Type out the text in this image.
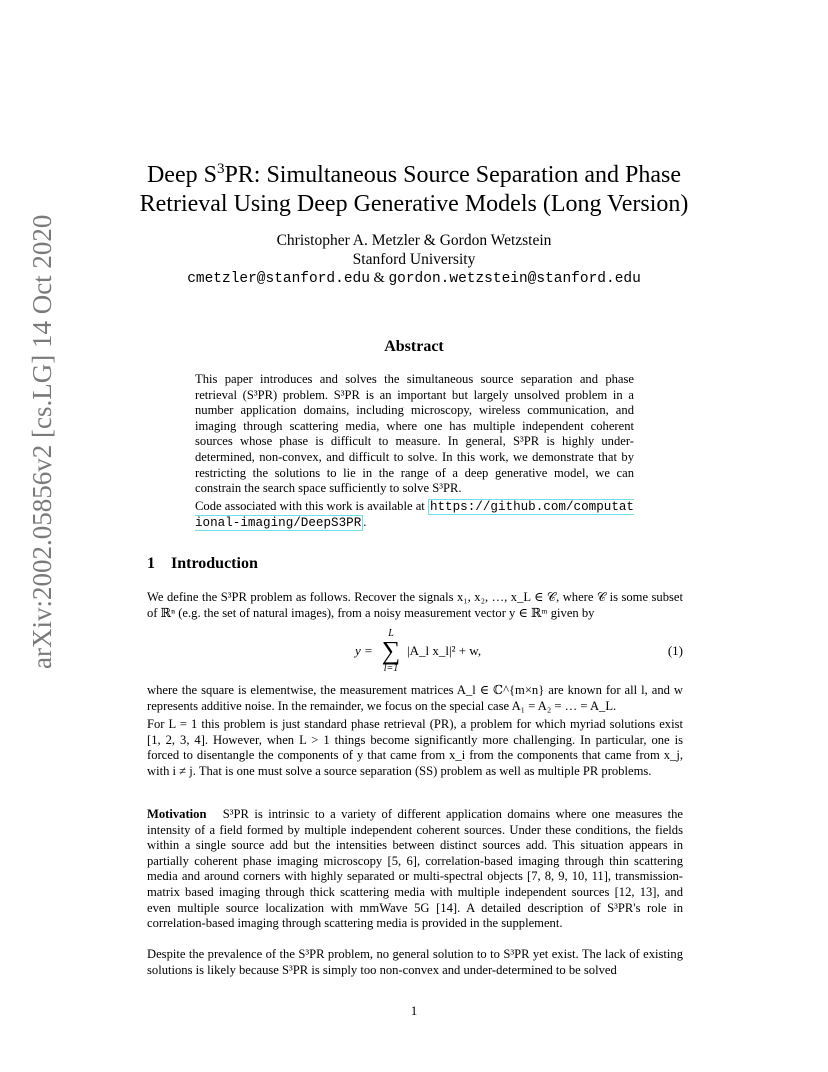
arXiv:2002.05856v2 [cs.LG] 14 Oct 2020
Deep $S^3PR$: Simultaneous Source Separation and Phase
Retrieval Using Deep Generative Models (Long Version)
Christopher A. Metzler & Gordon Wetzstein
Stanford University
cmetzler@stanford.edu & gordon.wetzstein@stanford.edu
Abstract

This paper introduces and solves the simultaneous source separation and phase retrieval (S³PR) problem. S³PR is an important but largely unsolved problem in a number application domains, including microscopy, wireless communication, and imaging through scattering media, where one has multiple independent coherent sources whose phase is difficult to measure. In general, S³PR is highly under-determined, non-convex, and difficult to solve. In this work, we demonstrate that by restricting the solutions to lie in the range of a deep generative model, we can constrain the search space sufficiently to solve S³PR.

Code associated with this work is available at https://github.com/computational-imaging/DeepS3PR .

1 Introduction

We define the S³PR problem as follows. Recover the signals x₁, x₂, …, x_L ∈ 𝒞, where 𝒞 is some subset of ℝⁿ (e.g. the set of natural images), from a noisy measurement vector y ∈ ℝᵐ given by

y =
L
∑
l=1
|A_l x_l|² + w,	(1)

where the square is elementwise, the measurement matrices A_l ∈ ℂ^{m×n} are known for all l, and w represents additive noise. In the remainder, we focus on the special case A₁ = A₂ = … = A_L.

For L = 1 this problem is just standard phase retrieval (PR), a problem for which myriad solutions exist [1, 2, 3, 4]. However, when L > 1 things become significantly more challenging. In particular, one is forced to disentangle the components of y that came from x_i from the components that came from x_j, with i ≠ j. That is one must solve a source separation (SS) problem as well as multiple PR problems.

Motivation S³PR is intrinsic to a variety of different application domains where one measures the intensity of a field formed by multiple independent coherent sources. Under these conditions, the fields within a single source add but the intensities between distinct sources add. This situation appears in partially coherent phase imaging microscopy [5, 6], correlation-based imaging through thin scattering media and around corners with highly separated or multi-spectral objects [7, 8, 9, 10, 11], transmission-matrix based imaging through thick scattering media with multiple independent sources [12, 13], and even multiple source localization with mmWave 5G [14]. A detailed description of S³PR's role in correlation-based imaging through scattering media is provided in the supplement.

Despite the prevalence of the S³PR problem, no general solution to to S³PR yet exist. The lack of existing solutions is likely because S³PR is simply too non-convex and under-determined to be solved

1
